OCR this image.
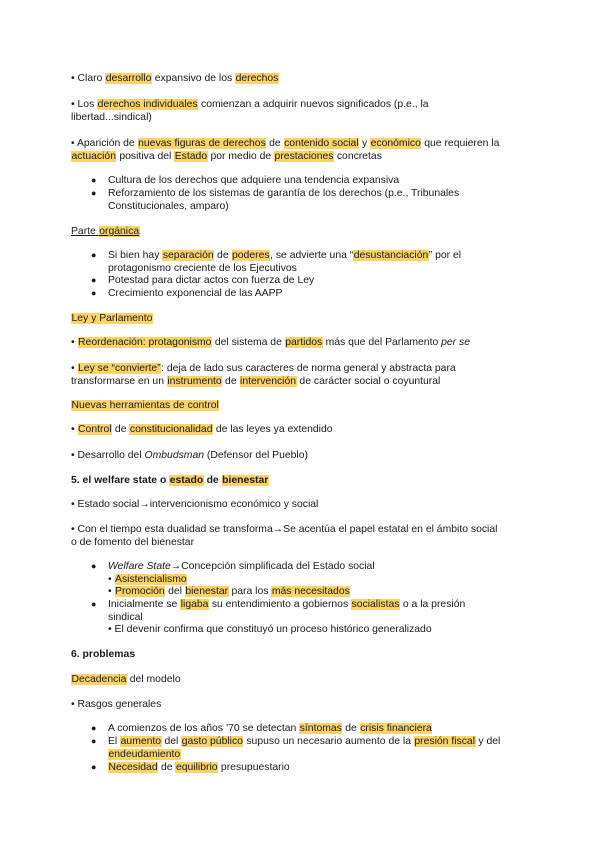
• Claro desarrollo expansivo de los derechos
• Los derechos individuales comienzan a adquirir nuevos significados (p.e., la
libertad...sindical)
• Aparición de nuevas figuras de derechos de contenido social y económico que requieren la
actuación positiva del Estado por medio de prestaciones concretas
● Cultura de los derechos que adquiere una tendencia expansiva
● Reforzamiento de los sistemas de garantía de los derechos (p.e., Tribunales
Constitucionales, amparo)
Parte orgánica
● Si bien hay separación de poderes, se advierte una “desustanciación” por el
protagonismo creciente de los Ejecutivos
● Potestad para dictar actos con fuerza de Ley
● Crecimiento exponencial de las AAPP
Ley y Parlamento
• Reordenación: protagonismo del sistema de partidos más que del Parlamento per se
• Ley se “convierte”: deja de lado sus caracteres de norma general y abstracta para
transformarse en un instrumento de intervención de carácter social o coyuntural
Nuevas herramientas de control
• Control de constitucionalidad de las leyes ya extendido
• Desarrollo del Ombudsman (Defensor del Pueblo)
5. el welfare state o estado de bienestar
• Estado social→intervencionismo económico y social
• Con el tiempo esta dualidad se transforma→Se acentúa el papel estatal en el ámbito social
o de fomento del bienestar
● Welfare State→Concepción simplificada del Estado social
• Asistencialismo
• Promoción del bienestar para los más necesitados
● Inicialmente se ligaba su entendimiento a gobiernos socialistas o a la presión
sindical
• El devenir confirma que constituyó un proceso histórico generalizado
6. problemas
Decadencia del modelo
• Rasgos generales
● A comienzos de los años ’70 se detectan síntomas de crisis financiera
● El aumento del gasto público supuso un necesario aumento de la presión fiscal y del
endeudamiento
● Necesidad de equilibrio presupuestario
